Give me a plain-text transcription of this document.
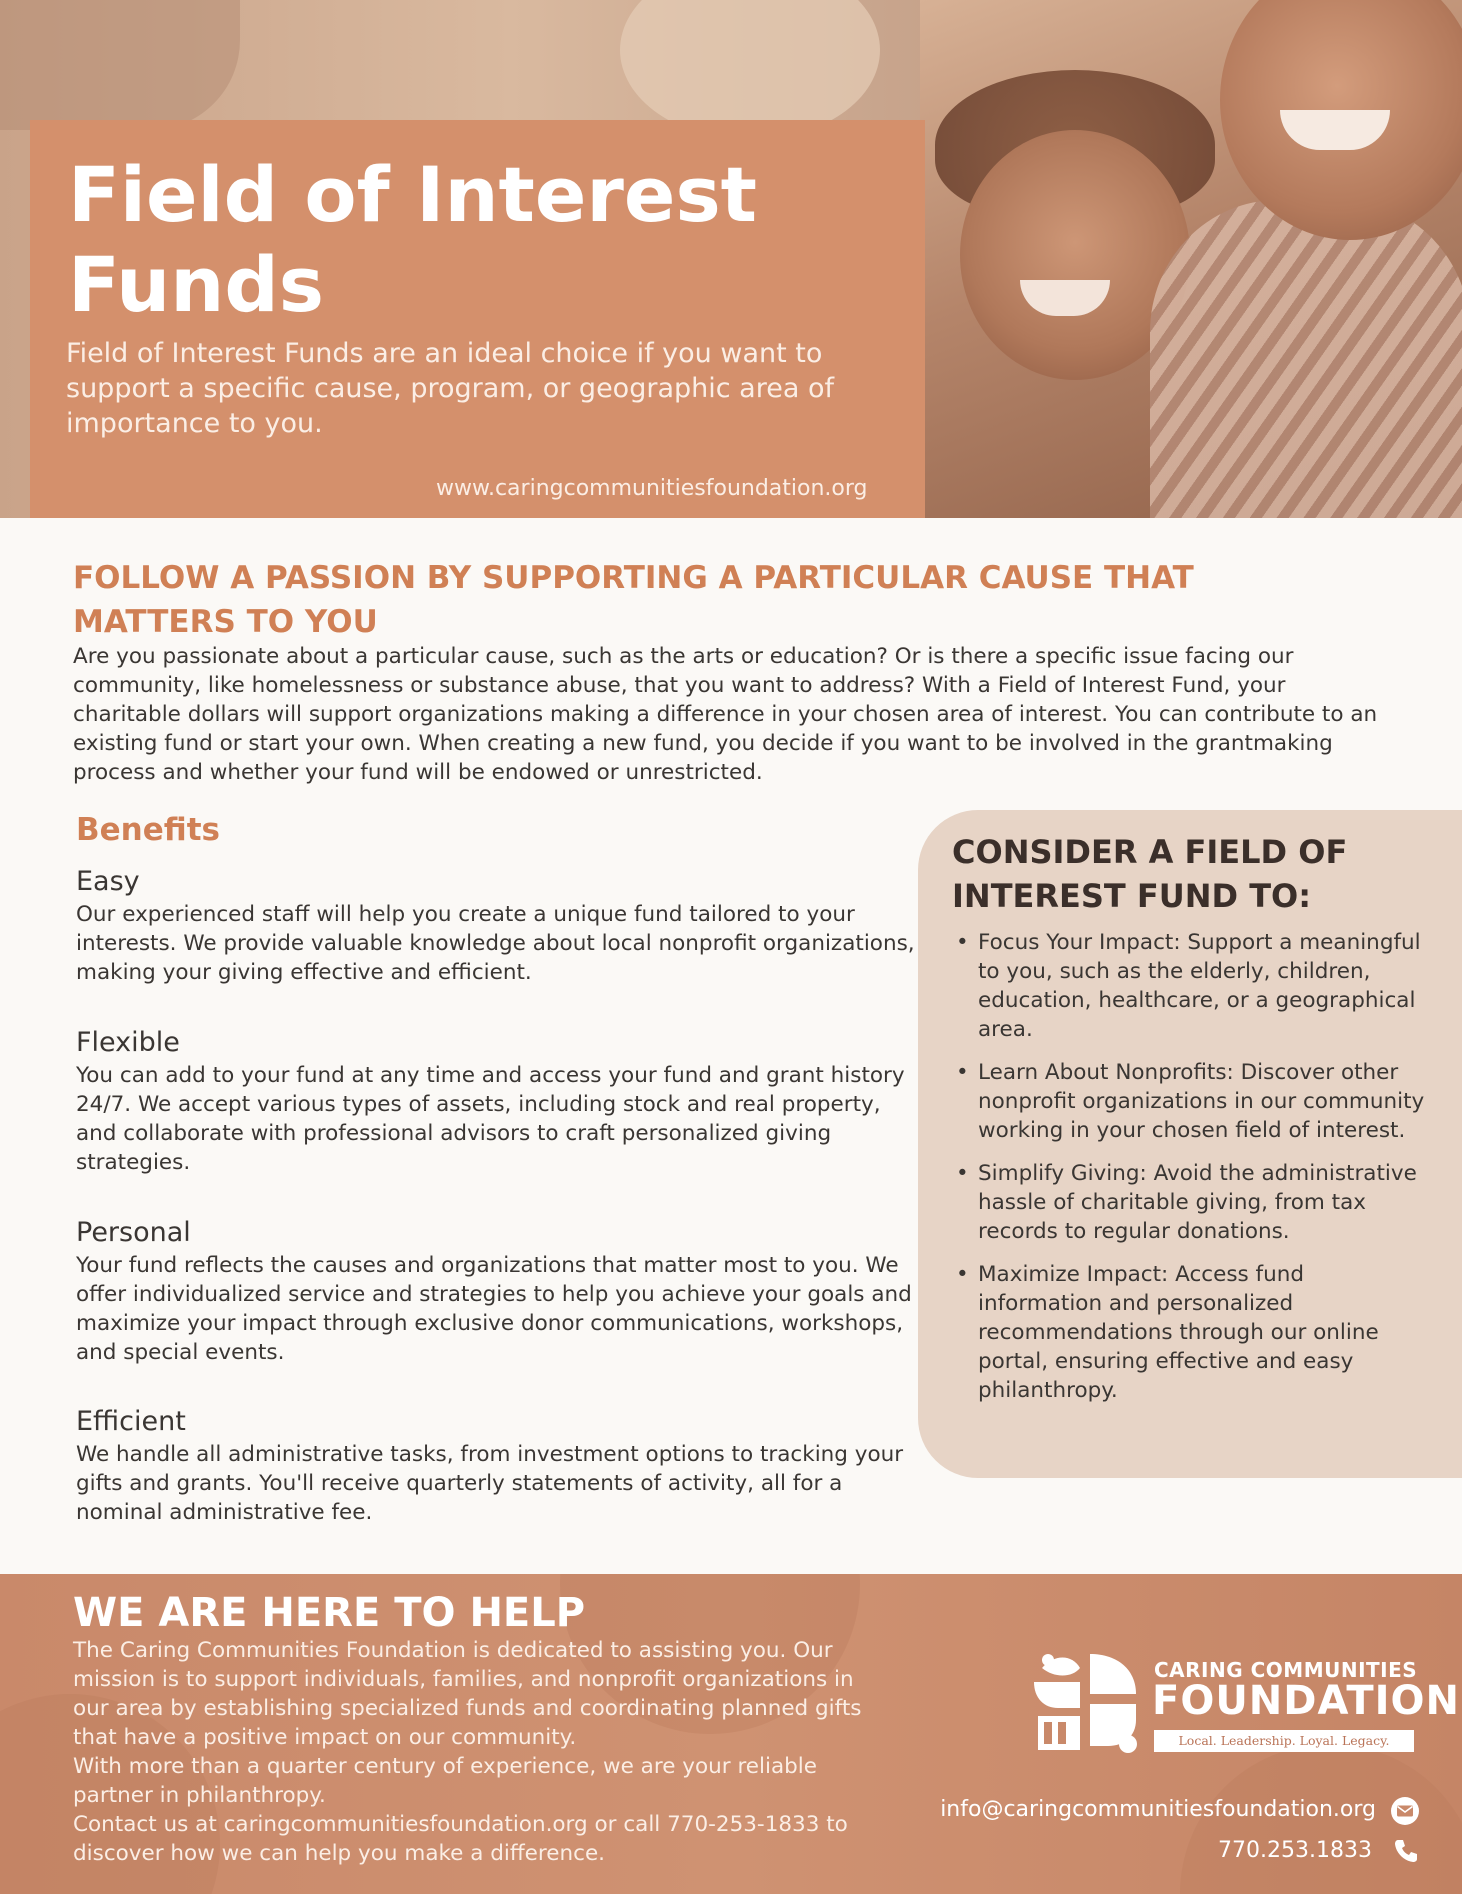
Field of Interest
Funds

Field of Interest Funds are an ideal choice if you want to support a specific cause, program, or geographic area of importance to you.

www.caringcommunitiesfoundation.org
FOLLOW A PASSION BY SUPPORTING A PARTICULAR CAUSE THAT
MATTERS TO YOU

Are you passionate about a particular cause, such as the arts or education? Or is there a specific issue facing our community, like homelessness or substance abuse, that you want to address? With a Field of Interest Fund, your charitable dollars will support organizations making a difference in your chosen area of interest. You can contribute to an existing fund or start your own. When creating a new fund, you decide if you want to be involved in the grantmaking process and whether your fund will be endowed or unrestricted.

Benefits
Easy
Our experienced staff will help you create a unique fund tailored to your interests. We provide valuable knowledge about local nonprofit organizations, making your giving effective and efficient.
Flexible
You can add to your fund at any time and access your fund and grant history 24/7. We accept various types of assets, including stock and real property, and collaborate with professional advisors to craft personalized giving strategies.
Personal
Your fund reflects the causes and organizations that matter most to you. We offer individualized service and strategies to help you achieve your goals and maximize your impact through exclusive donor communications, workshops, and special events.
Efficient
We handle all administrative tasks, from investment options to tracking your gifts and grants. You'll receive quarterly statements of activity, all for a nominal administrative fee.
CONSIDER A FIELD OF
INTEREST FUND TO:
• Focus Your Impact: Support a meaningful to you, such as the elderly, children, education, healthcare, or a geographical area.
• Learn About Nonprofits: Discover other nonprofit organizations in our community working in your chosen field of interest.
• Simplify Giving: Avoid the administrative hassle of charitable giving, from tax records to regular donations.
• Maximize Impact: Access fund information and personalized recommendations through our online portal, ensuring effective and easy philanthropy.
WE ARE HERE TO HELP

The Caring Communities Foundation is dedicated to assisting you. Our mission is to support individuals, families, and nonprofit organizations in our area by establishing specialized funds and coordinating planned gifts that have a positive impact on our community.

With more than a quarter century of experience, we are your reliable partner in philanthropy.

Contact us at caringcommunitiesfoundation.org or call 770-253-1833 to discover how we can help you make a difference.

CARING COMMUNITIES
FOUNDATION
Local. Leadership. Loyal. Legacy.
info@caringcommunitiesfoundation.org
770.253.1833
